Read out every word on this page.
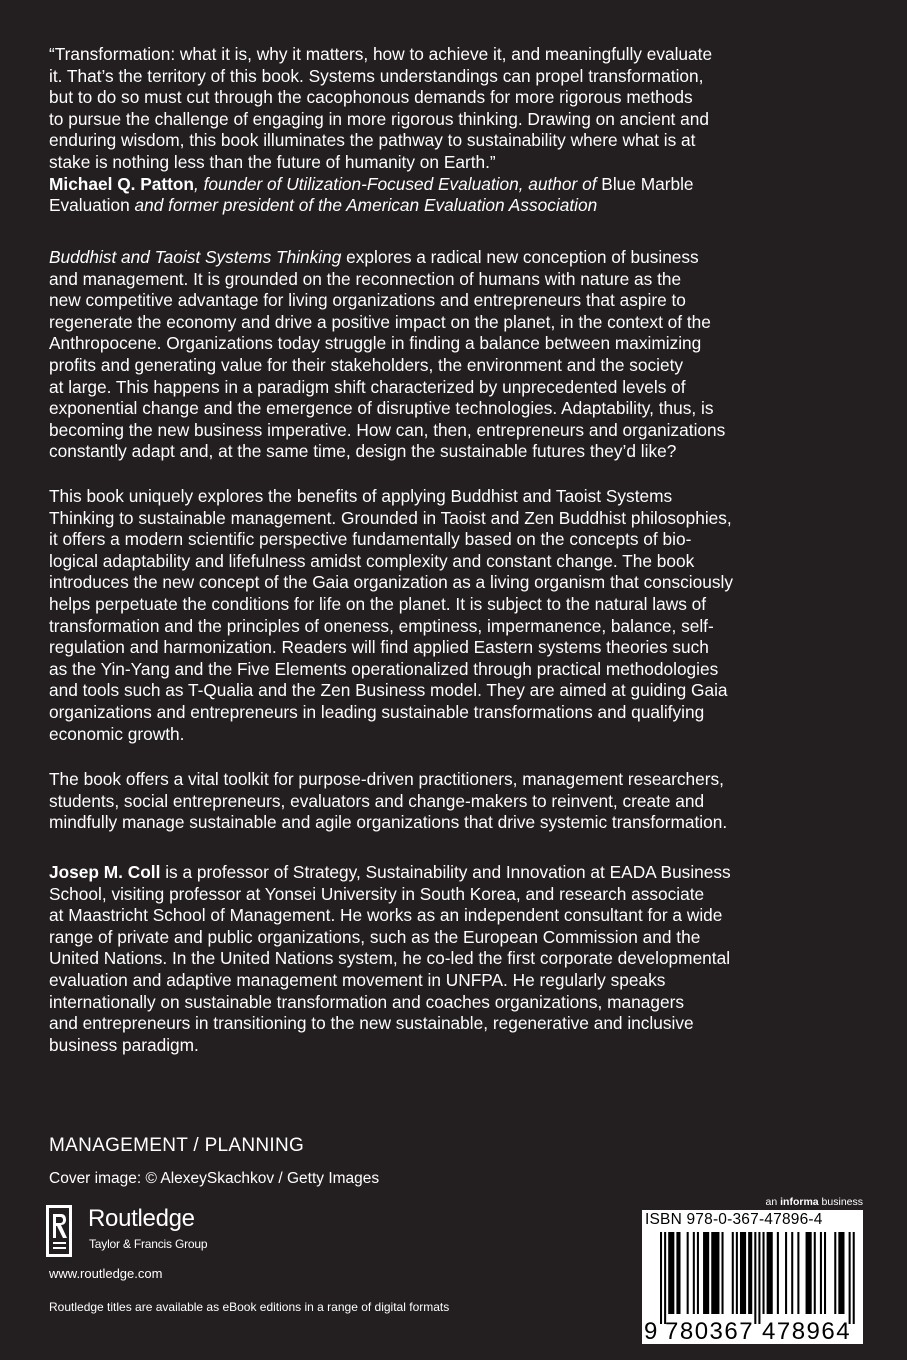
“Transformation: what it is, why it matters, how to achieve it, and meaningfully evaluate
it. That’s the territory of this book. Systems understandings can propel transformation,
but to do so must cut through the cacophonous demands for more rigorous methods
to pursue the challenge of engaging in more rigorous thinking. Drawing on ancient and
enduring wisdom, this book illuminates the pathway to sustainability where what is at
stake is nothing less than the future of humanity on Earth.”
Michael Q. Patton, founder of Utilization-Focused Evaluation, author of Blue Marble
Evaluation and former president of the American Evaluation Association
Buddhist and Taoist Systems Thinking explores a radical new conception of business
and management. It is grounded on the reconnection of humans with nature as the
new competitive advantage for living organizations and entrepreneurs that aspire to
regenerate the economy and drive a positive impact on the planet, in the context of the
Anthropocene. Organizations today struggle in finding a balance between maximizing
profits and generating value for their stakeholders, the environment and the society
at large. This happens in a paradigm shift characterized by unprecedented levels of
exponential change and the emergence of disruptive technologies. Adaptability, thus, is
becoming the new business imperative. How can, then, entrepreneurs and organizations
constantly adapt and, at the same time, design the sustainable futures they’d like?
This book uniquely explores the benefits of applying Buddhist and Taoist Systems
Thinking to sustainable management. Grounded in Taoist and Zen Buddhist philosophies,
it offers a modern scientific perspective fundamentally based on the concepts of bio-
logical adaptability and lifefulness amidst complexity and constant change. The book
introduces the new concept of the Gaia organization as a living organism that consciously
helps perpetuate the conditions for life on the planet. It is subject to the natural laws of
transformation and the principles of oneness, emptiness, impermanence, balance, self-
regulation and harmonization. Readers will find applied Eastern systems theories such
as the Yin-Yang and the Five Elements operationalized through practical methodologies
and tools such as T-Qualia and the Zen Business model. They are aimed at guiding Gaia
organizations and entrepreneurs in leading sustainable transformations and qualifying
economic growth.
The book offers a vital toolkit for purpose-driven practitioners, management researchers,
students, social entrepreneurs, evaluators and change-makers to reinvent, create and
mindfully manage sustainable and agile organizations that drive systemic transformation.
Josep M. Coll is a professor of Strategy, Sustainability and Innovation at EADA Business
School, visiting professor at Yonsei University in South Korea, and research associate
at Maastricht School of Management. He works as an independent consultant for a wide
range of private and public organizations, such as the European Commission and the
United Nations. In the United Nations system, he co-led the first corporate developmental
evaluation and adaptive management movement in UNFPA. He regularly speaks
internationally on sustainable transformation and coaches organizations, managers
and entrepreneurs in transitioning to the new sustainable, regenerative and inclusive
business paradigm.
MANAGEMENT / PLANNING
Cover image: © AlexeySkachkov / Getty Images
Routledge
Taylor & Francis Group
www.routledge.com
Routledge titles are available as eBook editions in a range of digital formats
an informa business
ISBN 978-0-367-47896-4
9 780367 478964
